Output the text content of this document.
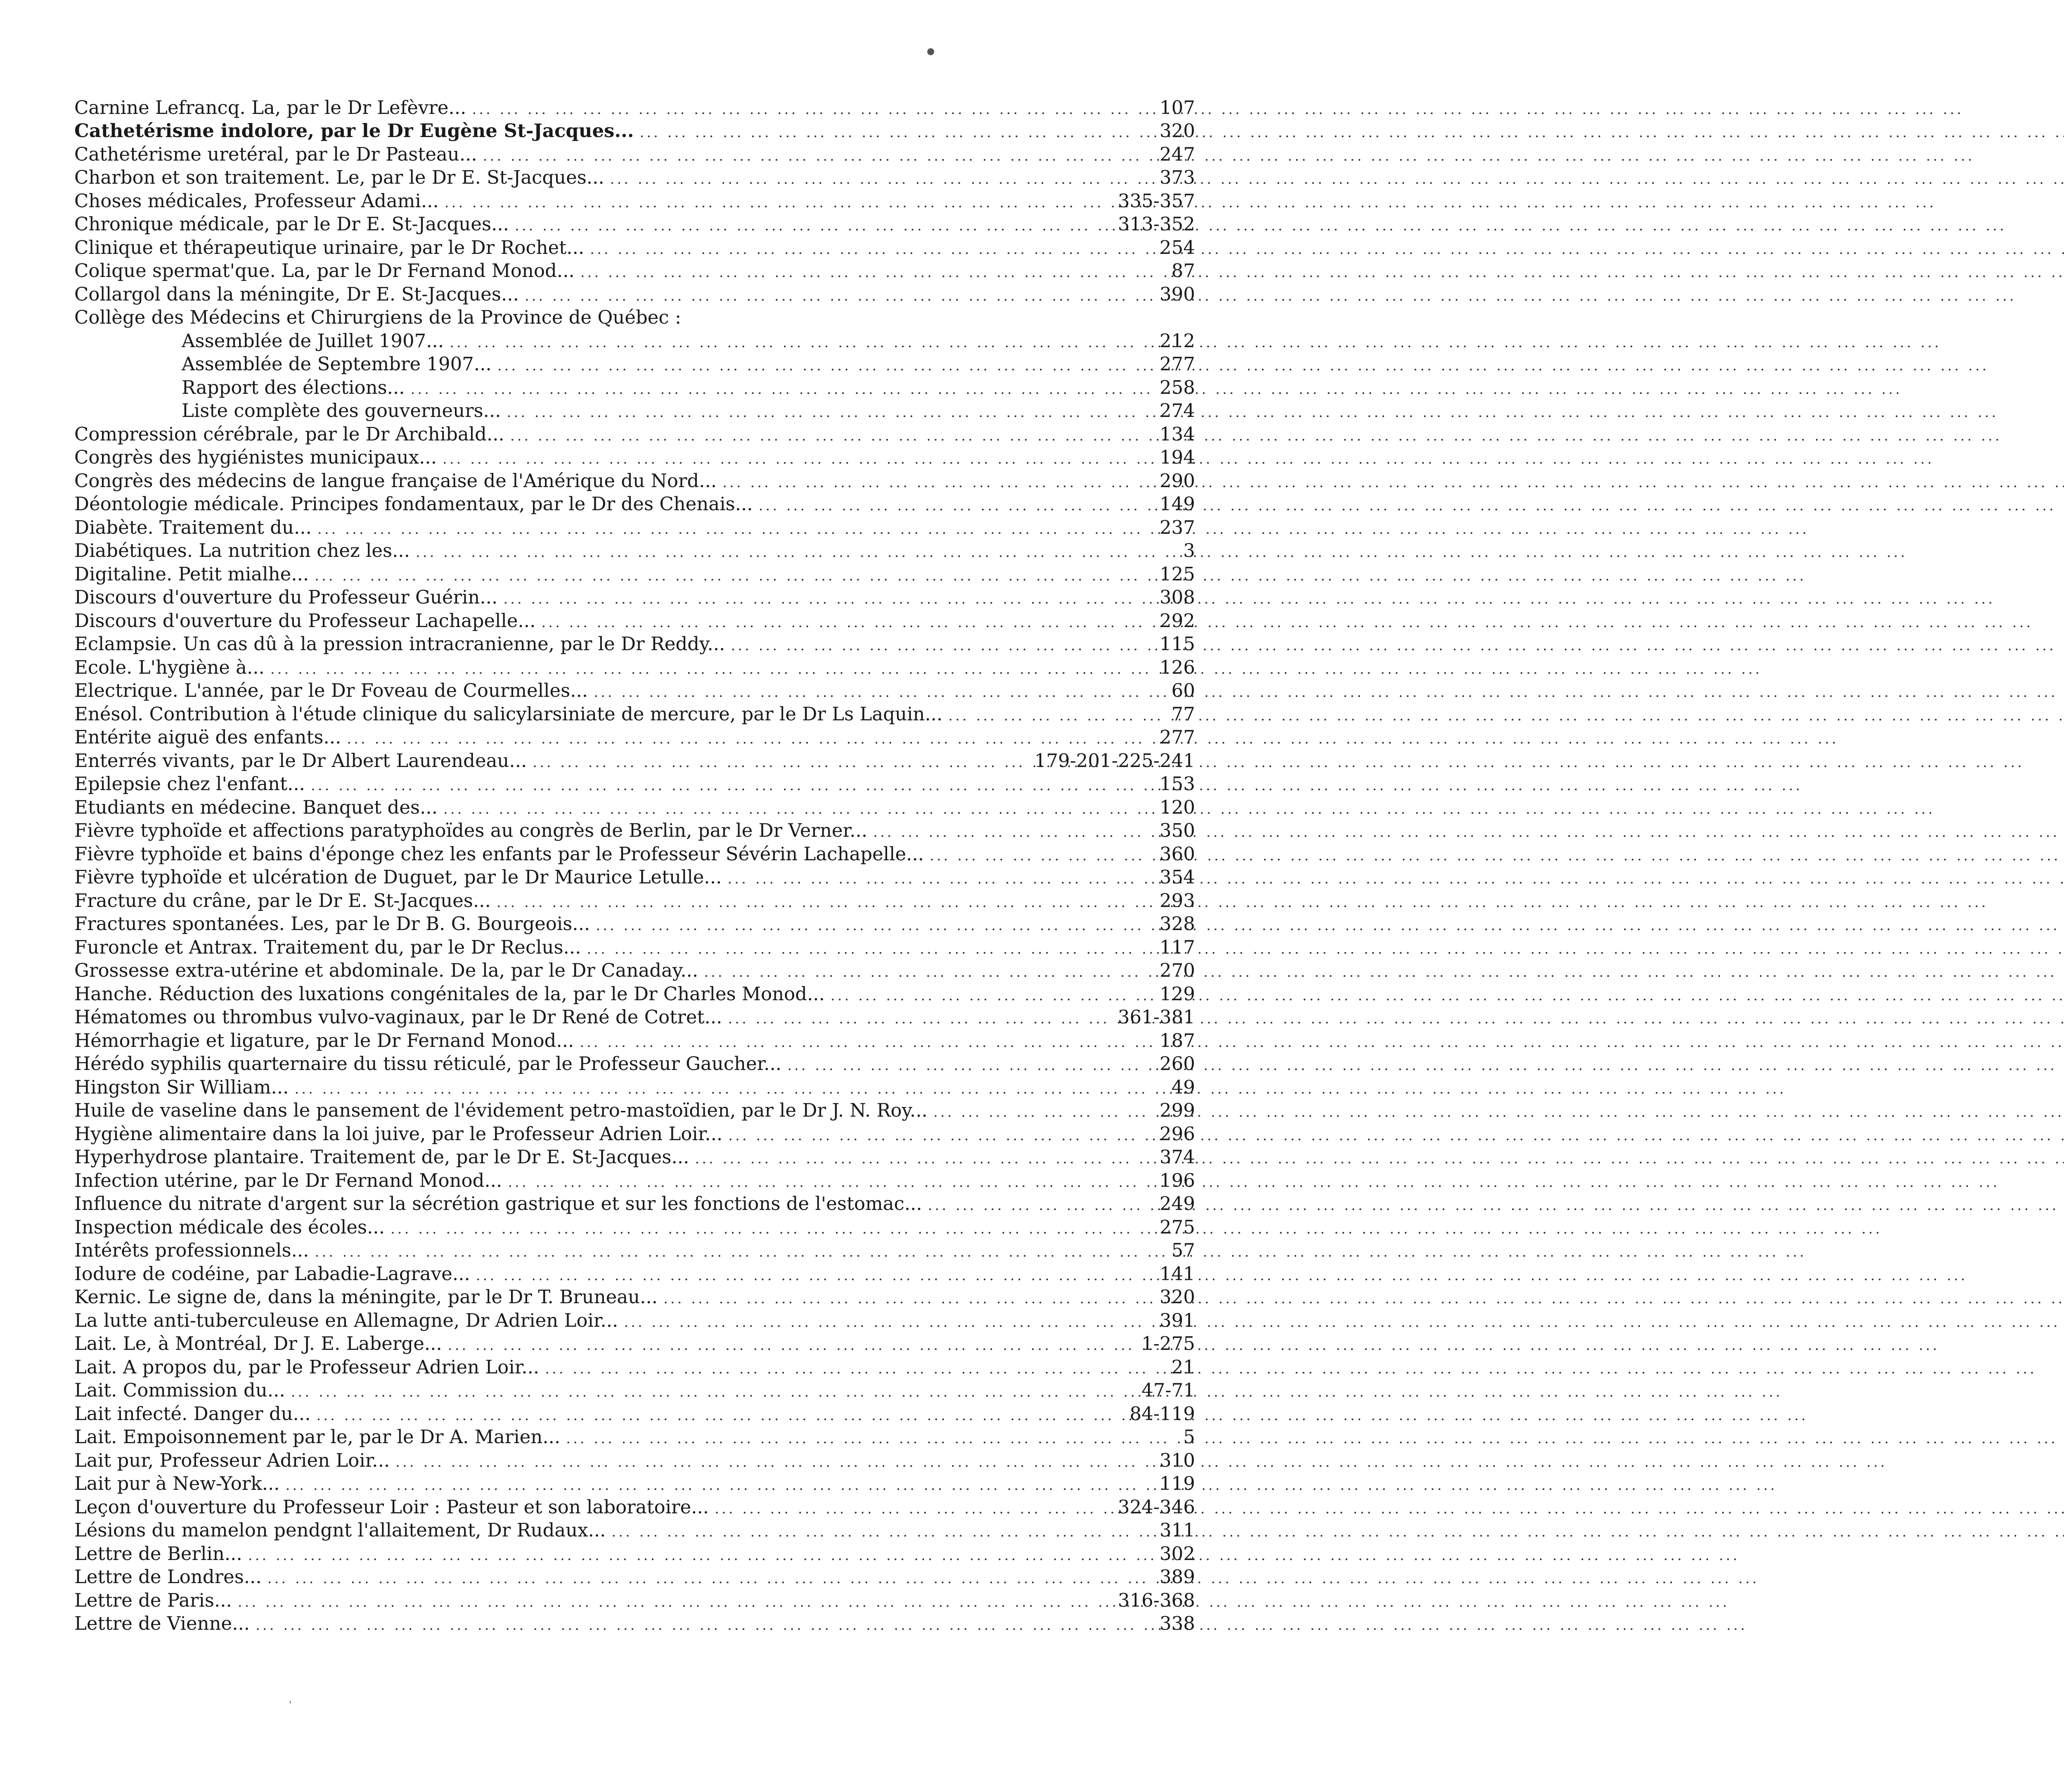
Carnine Lefrancq. La, par le Dr Lefèvre... ... .	107
Cathetérisme indolore, par le Dr Eugène St-Jacques... ... .	320
Cathetérisme uretéral, par le Dr Pasteau... ... .	247
Charbon et son traitement. Le, par le Dr E. St-Jacques... ... .	373
Choses médicales, Professeur Adami... ... .	335-357
Chronique médicale, par le Dr E. St-Jacques... ... .	313-352
Clinique et thérapeutique urinaire, par le Dr Rochet... ... .	254
Colique spermat'que. La, par le Dr Fernand Monod... ... .	87
Collargol dans la méningite, Dr E. St-Jacques... ... .	390
Collège des Médecins et Chirurgiens de la Province de Québec :
Assemblée de Juillet 1907... ... .	212
Assemblée de Septembre 1907... ... .	277
Rapport des élections... ... .	258
Liste complète des gouverneurs... ... .	274
Compression cérébrale, par le Dr Archibald... ... .	134
Congrès des hygiénistes municipaux... ... .	194
Congrès des médecins de langue française de l'Amérique du Nord... ... .	290
Déontologie médicale. Principes fondamentaux, par le Dr des Chenais... ... .	149
Diabète. Traitement du... ... .	237
Diabétiques. La nutrition chez les... ... .	3
Digitaline. Petit mialhe... ... .	125
Discours d'ouverture du Professeur Guérin... ... .	308
Discours d'ouverture du Professeur Lachapelle... ... .	292
Eclampsie. Un cas dû à la pression intracranienne, par le Dr Reddy... ... .	115
Ecole. L'hygiène à... ... .	126
Electrique. L'année, par le Dr Foveau de Courmelles... ... .	60
Enésol. Contribution à l'étude clinique du salicylarsiniate de mercure, par le Dr Ls Laquin... ... .	77
Entérite aiguë des enfants... ... .	277
Enterrés vivants, par le Dr Albert Laurendeau... ... .	179-201-225-241
Epilepsie chez l'enfant... ... .	153
Etudiants en médecine. Banquet des... ... .	120
Fièvre typhoïde et affections paratyphoïdes au congrès de Berlin, par le Dr Verner... ... .	350
Fièvre typhoïde et bains d'éponge chez les enfants par le Professeur Sévérin Lachapelle... ... .	360
Fièvre typhoïde et ulcération de Duguet, par le Dr Maurice Letulle... ... .	354
Fracture du crâne, par le Dr E. St-Jacques... ... .	293
Fractures spontanées. Les, par le Dr B. G. Bourgeois... ... .	328
Furoncle et Antrax. Traitement du, par le Dr Reclus... ... .	117
Grossesse extra-utérine et abdominale. De la, par le Dr Canaday... ... .	270
Hanche. Réduction des luxations congénitales de la, par le Dr Charles Monod... ... .	129
Hématomes ou thrombus vulvo-vaginaux, par le Dr René de Cotret... ... .	361-381
Hémorrhagie et ligature, par le Dr Fernand Monod... ... .	187
Hérédo syphilis quarternaire du tissu réticulé, par le Professeur Gaucher... ... .	260
Hingston Sir William... ... .	49
Huile de vaseline dans le pansement de l'évidement petro-mastoïdien, par le Dr J. N. Roy... ... .	299
Hygiène alimentaire dans la loi juive, par le Professeur Adrien Loir... ... .	296
Hyperhydrose plantaire. Traitement de, par le Dr E. St-Jacques... ... .	374
Infection utérine, par le Dr Fernand Monod... ... .	196
Influence du nitrate d'argent sur la sécrétion gastrique et sur les fonctions de l'estomac... ... .	249
Inspection médicale des écoles... ... .	275
Intérêts professionnels... ... .	57
Iodure de codéine, par Labadie-Lagrave... ... .	141
Kernic. Le signe de, dans la méningite, par le Dr T. Bruneau... ... .	320
La lutte anti-tuberculeuse en Allemagne, Dr Adrien Loir... ... .	391
Lait. Le, à Montréal, Dr J. E. Laberge... ... .	1-275
Lait. A propos du, par le Professeur Adrien Loir... ... .	21
Lait. Commission du... ... .	47-71
Lait infecté. Danger du... ... .	84-119
Lait. Empoisonnement par le, par le Dr A. Marien... ... .	5
Lait pur, Professeur Adrien Loir... ... .	310
Lait pur à New-York... ... .	119
Leçon d'ouverture du Professeur Loir : Pasteur et son laboratoire... ... .	324-346
Lésions du mamelon pendgnt l'allaitement, Dr Rudaux... ... .	311
Lettre de Berlin... ... .	302
Lettre de Londres... ... .	389
Lettre de Paris... ... .	316-368
Lettre de Vienne... ... .	338
●
'
